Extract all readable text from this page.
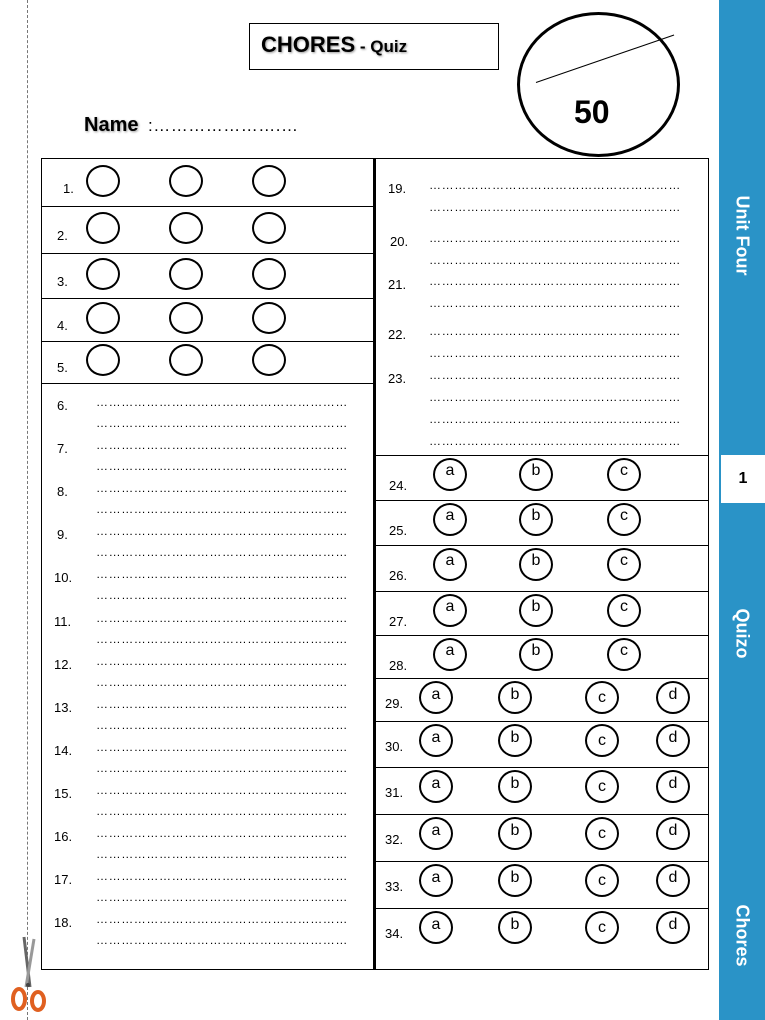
CHORES - Quiz
50
Name :………………….…
1.
2.
3.
4.
5.
6. ……………………………………………………
……………………………………………………
7. ……………………………………………………
……………………………………………………
8. ……………………………………………………
……………………………………………………
9. ……………………………………………………
……………………………………………………
10. ……………………………………………………
……………………………………………………
11. ……………………………………………………
……………………………………………………
12. ……………………………………………………
……………………………………………………
13. ……………………………………………………
……………………………………………………
14. ……………………………………………………
……………………………………………………
15. ……………………………………………………
……………………………………………………
16. ……………………………………………………
……………………………………………………
17. ……………………………………………………
……………………………………………………
18. ……………………………………………………
……………………………………………………
19. ……………………………………………………
……………………………………………………
20. ……………………………………………………
……………………………………………………
21. ……………………………………………………
……………………………………………………
22. ……………………………………………………
……………………………………………………
23. ……………………………………………………
……………………………………………………
……………………………………………………
……………………………………………………
24.
a	b	c
25.
a	b	c
26.
a	b	c
27.
a	b	c
28.
a	b	c
29.
a	b	c	d
30.
a	b	c	d
31.
a	b	c	d
32.
a	b	c	d
33.
a	b	c	d
34.
a	b	c	d
Unit Four
1
Quizo
Chores
